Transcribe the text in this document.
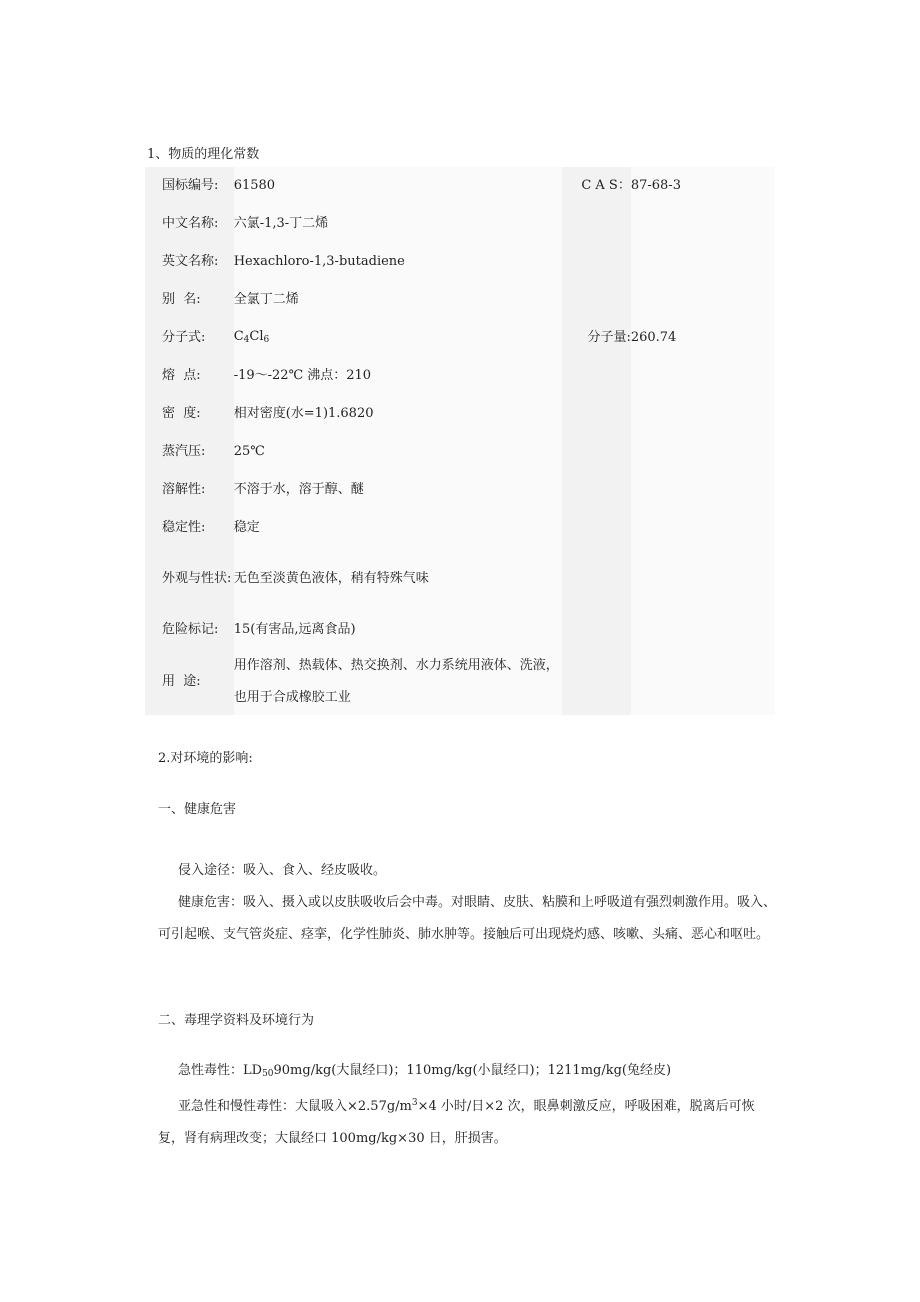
1、物质的理化常数
国标编号:	61580	C A S：	87-68-3
中文名称:	六氯-1,3-丁二烯		
英文名称:	Hexachloro-1,3-butadiene		
别  名:	全氯丁二烯		
分子式:	$C_4Cl_6$	分子量:	260.74
熔  点:	-19～-22℃ 沸点：210		
密  度:	相对密度(水=1)1.6820		
蒸汽压:	25℃		
溶解性:	不溶于水，溶于醇、醚		
稳定性:	稳定		

外观与性状:	无色至淡黄色液体，稍有特殊气味		
危险标记:	15(有害品,远离食品)		
用  途:	用作溶剂、热载体、热交换剂、水力系统用液体、洗液，也用于合成橡胶工业		
2.对环境的影响:
一、健康危害

侵入途径：吸入、食入、经皮吸收。

健康危害：吸入、摄入或以皮肤吸收后会中毒。对眼睛、皮肤、粘膜和上呼吸道有强烈刺激作用。吸入、可引起喉、支气管炎症、痉挛，化学性肺炎、肺水肿等。接触后可出现烧灼感、咳嗽、头痛、恶心和呕吐。

二、毒理学资料及环境行为

急性毒性：$LD_{50}90mg/kg$(大鼠经口)；110mg/kg(小鼠经口)；1211mg/kg(兔经皮)

亚急性和慢性毒性：大鼠吸入$\times 2.57g/m^3\times 4$ 小时/日×2 次，眼鼻刺激反应，呼吸困难，脱离后可恢复，肾有病理改变；大鼠经口 100mg/kg×30 日，肝损害。
